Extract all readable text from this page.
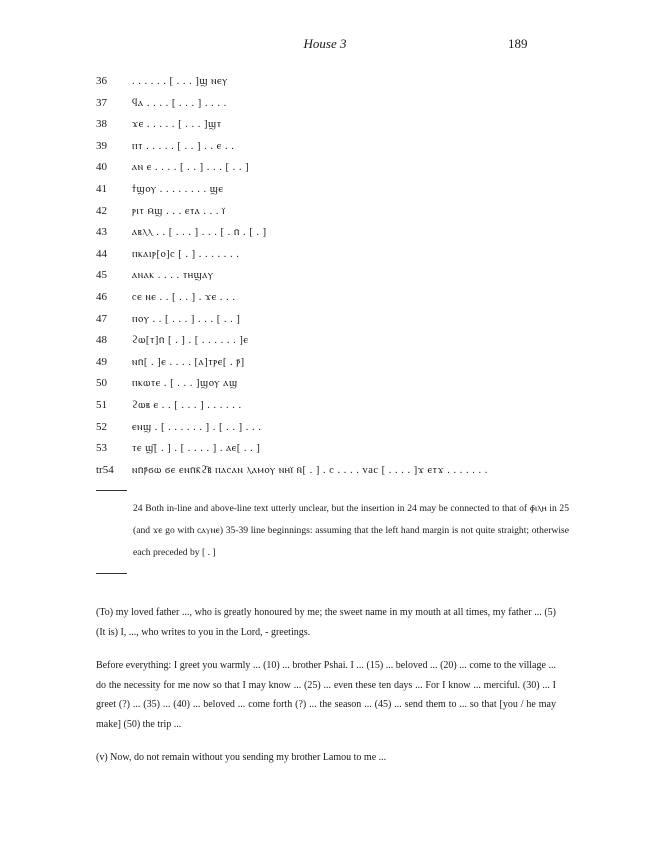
House 3	189
36	. . . . . . [ . . . ]ϣ ⲛⲉⲩ
37	ϥⲁ . . . . [ . . . ] . . . .
38	ϫⲉ . . . . . [ . . . ]ϣⲧ
39	ⲡⲧ . . . . . [ . . ] . . ⲉ . .
40	ⲁⲛ ⲉ . . . . [ . . ] . . . [ . . ]
41	ϯϣⲟⲩ . . . . . . . . ϣⲉ
42	ⲣⲓⲧ ⲙ̄ϣ . . . ⲉⲧⲁ . . . ⲓ̈
43	ⲁⲃⲗⲗ . . [ . . . ] . . . [ . ⲡ̄ . [ . ]
44	ⲡⲕⲁⲓⲣ[ⲟ]ⲥ [ . ] . . . . . . .
45	ⲁⲛⲁⲕ . . . . ⲧⲏϣⲁⲩ
46	ⲥⲉ ⲛⲉ . . [ . . ] . ϫⲉ . . .
47	ⲡⲟⲩ . . [ . . . ] . . . [ . . ]
48	ϩⲱ[ⲧ]ⲡ̄ [ . ] . [ . . . . . . ]ⲉ
49	ⲛⲡ̄[ . ]ⲉ . . . . [ⲁ]ⲧⲣⲉ[ . ⲣ̄]
50	ⲡⲕⲱⲧⲉ . [ . . . ]ϣⲟⲩ ⲁϣ
51	ϩⲱⲃ ⲉ . . [ . . . ] . . . . . .
52	ⲉⲛϣ . [ . . . . . . ] . [ . . ] . . .
53	ⲧⲉ ϣ̄[ . ] . [ . . . . ] . ⲁⲉ[ . . ]
tr54	ⲛⲡ̄ⲣ̄ϭⲱ ϭⲉ ⲉⲛⲡ̄ⲕ̄ϩ̄ⲃ̄ ⲡⲁⲥⲁⲛ ⲗⲁⲙⲟⲩ ⲛⲏⲓ̈ ⲛ̄[ . ] . ⲥ . . . . vac [ . . . . ]ϫ ⲉⲧϫ . . . . . . .

24 Both in-line and above-line text utterly unclear, but the insertion in 24 may be connected to that of ⲫ̄ⲓⲗⲏ in 25 (and ϫⲉ go with ⲥⲁⲩⲛⲉ) 35-39 line beginnings: assuming that the left hand margin is not quite straight; otherwise each preceded by [ . ]

(To) my loved father ..., who is greatly honoured by me; the sweet name in my mouth at all times, my father ... (5) (It is) I, ..., who writes to you in the Lord, - greetings.

Before everything: I greet you warmly ... (10) ... brother Pshai. I ... (15) ... beloved ... (20) ... come to the village ... do the necessity for me now so that I may know ... (25) ... even these ten days ... For I know ... merciful. (30) ... I greet (?) ... (35) ... (40) ... beloved ... come forth (?) ... the season ... (45) ... send them to ... so that [you / he may make] (50) the trip ...

(v) Now, do not remain without you sending my brother Lamou to me ...
